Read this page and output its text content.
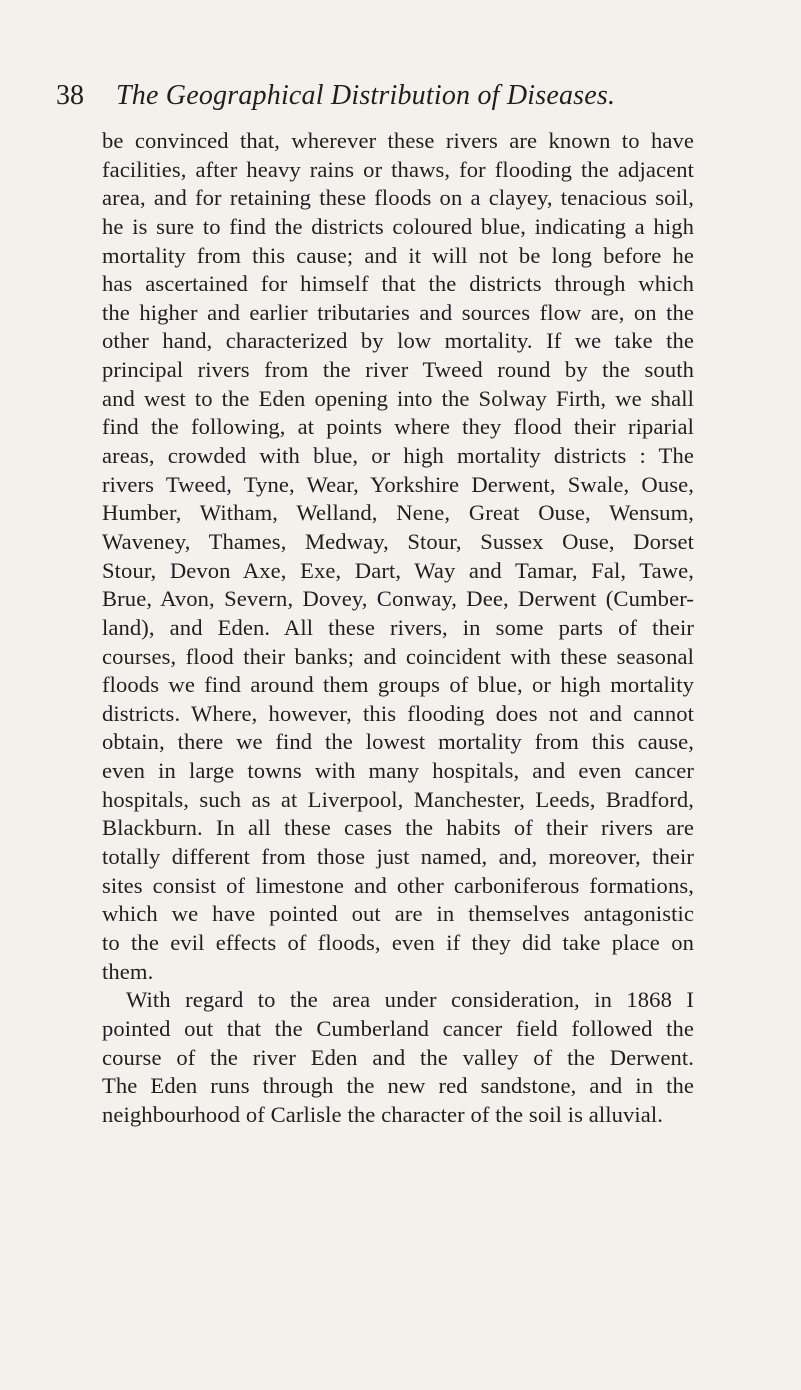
38 The Geographical Distribution of Diseases.
be convinced that, wherever these rivers are known to have
facilities, after heavy rains or thaws, for flooding the adjacent
area, and for retaining these floods on a clayey, tenacious soil,
he is sure to find the districts coloured blue, indicating a high
mortality from this cause; and it will not be long before he
has ascertained for himself that the districts through which
the higher and earlier tributaries and sources flow are, on the
other hand, characterized by low mortality. If we take the
principal rivers from the river Tweed round by the south
and west to the Eden opening into the Solway Firth, we shall
find the following, at points where they flood their riparial
areas, crowded with blue, or high mortality districts : The
rivers Tweed, Tyne, Wear, Yorkshire Derwent, Swale, Ouse,
Humber, Witham, Welland, Nene, Great Ouse, Wensum,
Waveney, Thames, Medway, Stour, Sussex Ouse, Dorset
Stour, Devon Axe, Exe, Dart, Way and Tamar, Fal, Tawe,
Brue, Avon, Severn, Dovey, Conway, Dee, Derwent (Cumber-
land), and Eden. All these rivers, in some parts of their
courses, flood their banks; and coincident with these seasonal
floods we find around them groups of blue, or high mortality
districts. Where, however, this flooding does not and cannot
obtain, there we find the lowest mortality from this cause,
even in large towns with many hospitals, and even cancer
hospitals, such as at Liverpool, Manchester, Leeds, Bradford,
Blackburn. In all these cases the habits of their rivers are
totally different from those just named, and, moreover, their
sites consist of limestone and other carboniferous formations,
which we have pointed out are in themselves antagonistic
to the evil effects of floods, even if they did take place on
them.
With regard to the area under consideration, in 1868 I
pointed out that the Cumberland cancer field followed the
course of the river Eden and the valley of the Derwent.
The Eden runs through the new red sandstone, and in the
neighbourhood of Carlisle the character of the soil is alluvial.
